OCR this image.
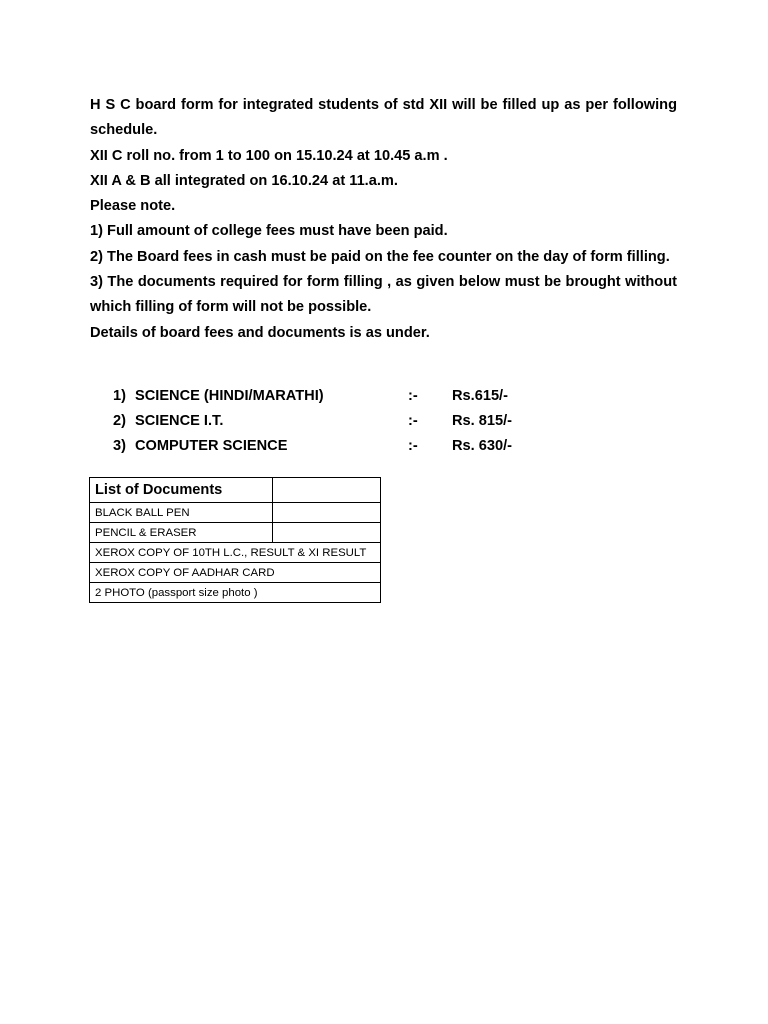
H S C board form for integrated students of std XII will be filled up as per following schedule.

XII C roll no. from 1 to 100 on 15.10.24 at 10.45 a.m .

XII A & B all integrated on 16.10.24 at 11.a.m.

Please note.

1) Full amount of college fees must have been paid.

2) The Board fees in cash must be paid on the fee counter on the day of form filling.

3) The documents required for form filling , as given below must be brought without which filling of form will not be possible.

Details of board fees and documents is as under.

1) SCIENCE (HINDI/MARATHI)	:- Rs.615/-
2) SCIENCE I.T.	:- Rs. 815/-
3) COMPUTER SCIENCE	:- Rs. 630/-
List of Documents	
BLACK BALL PEN	
PENCIL & ERASER	
XEROX COPY OF 10TH L.C., RESULT & XI RESULT	
XEROX COPY OF AADHAR CARD	
2 PHOTO (passport size photo )	
